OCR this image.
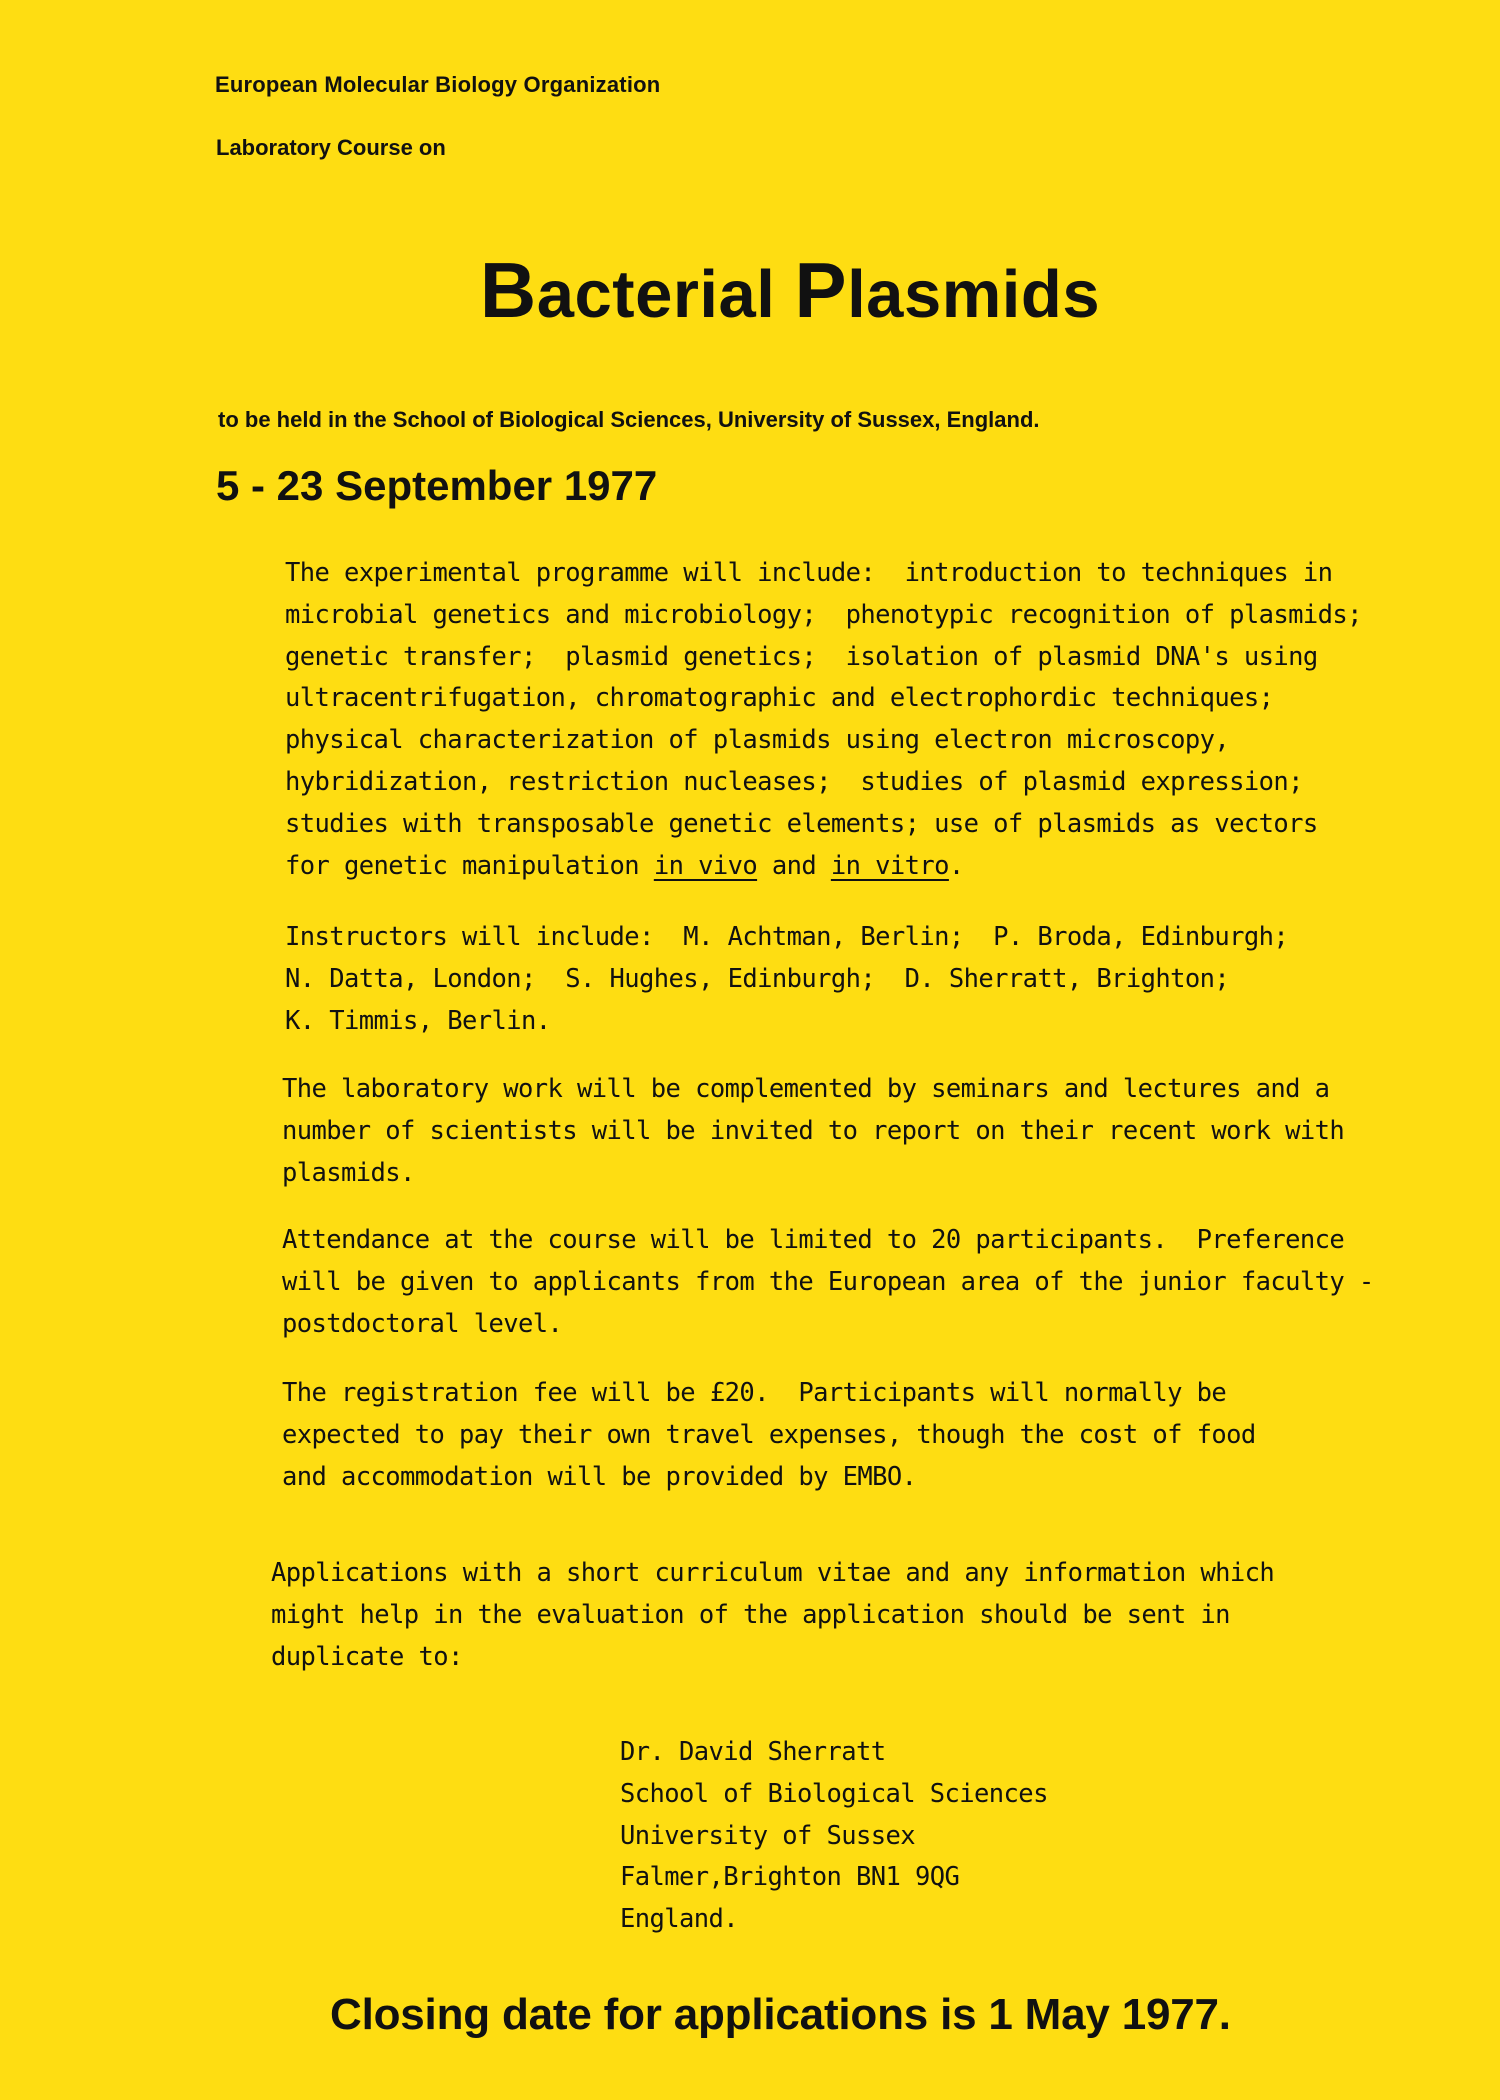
European Molecular Biology Organization

Laboratory Course on

Bacterial Plasmids

to be held in the School of Biological Sciences, University of Sussex, England.

5 - 23 September 1977

The experimental programme will include:  introduction to techniques in
microbial genetics and microbiology;  phenotypic recognition of plasmids;
genetic transfer;  plasmid genetics;  isolation of plasmid DNA's using
ultracentrifugation, chromatographic and electrophordic techniques;
physical characterization of plasmids using electron microscopy,
hybridization, restriction nucleases;  studies of plasmid expression;
studies with transposable genetic elements; use of plasmids as vectors
for genetic manipulation in vivo and in vitro.
Instructors will include:  M. Achtman, Berlin;  P. Broda, Edinburgh;
N. Datta, London;  S. Hughes, Edinburgh;  D. Sherratt, Brighton;
K. Timmis, Berlin.
The laboratory work will be complemented by seminars and lectures and a
number of scientists will be invited to report on their recent work with
plasmids.
Attendance at the course will be limited to 20 participants.  Preference
will be given to applicants from the European area of the junior faculty -
postdoctoral level.
The registration fee will be £20.  Participants will normally be
expected to pay their own travel expenses, though the cost of food
and accommodation will be provided by EMBO.
Applications with a short curriculum vitae and any information which
might help in the evaluation of the application should be sent in
duplicate to:
Dr. David Sherratt
School of Biological Sciences
University of Sussex
Falmer,Brighton BN1 9QG
England.

Closing date for applications is 1 May 1977.
